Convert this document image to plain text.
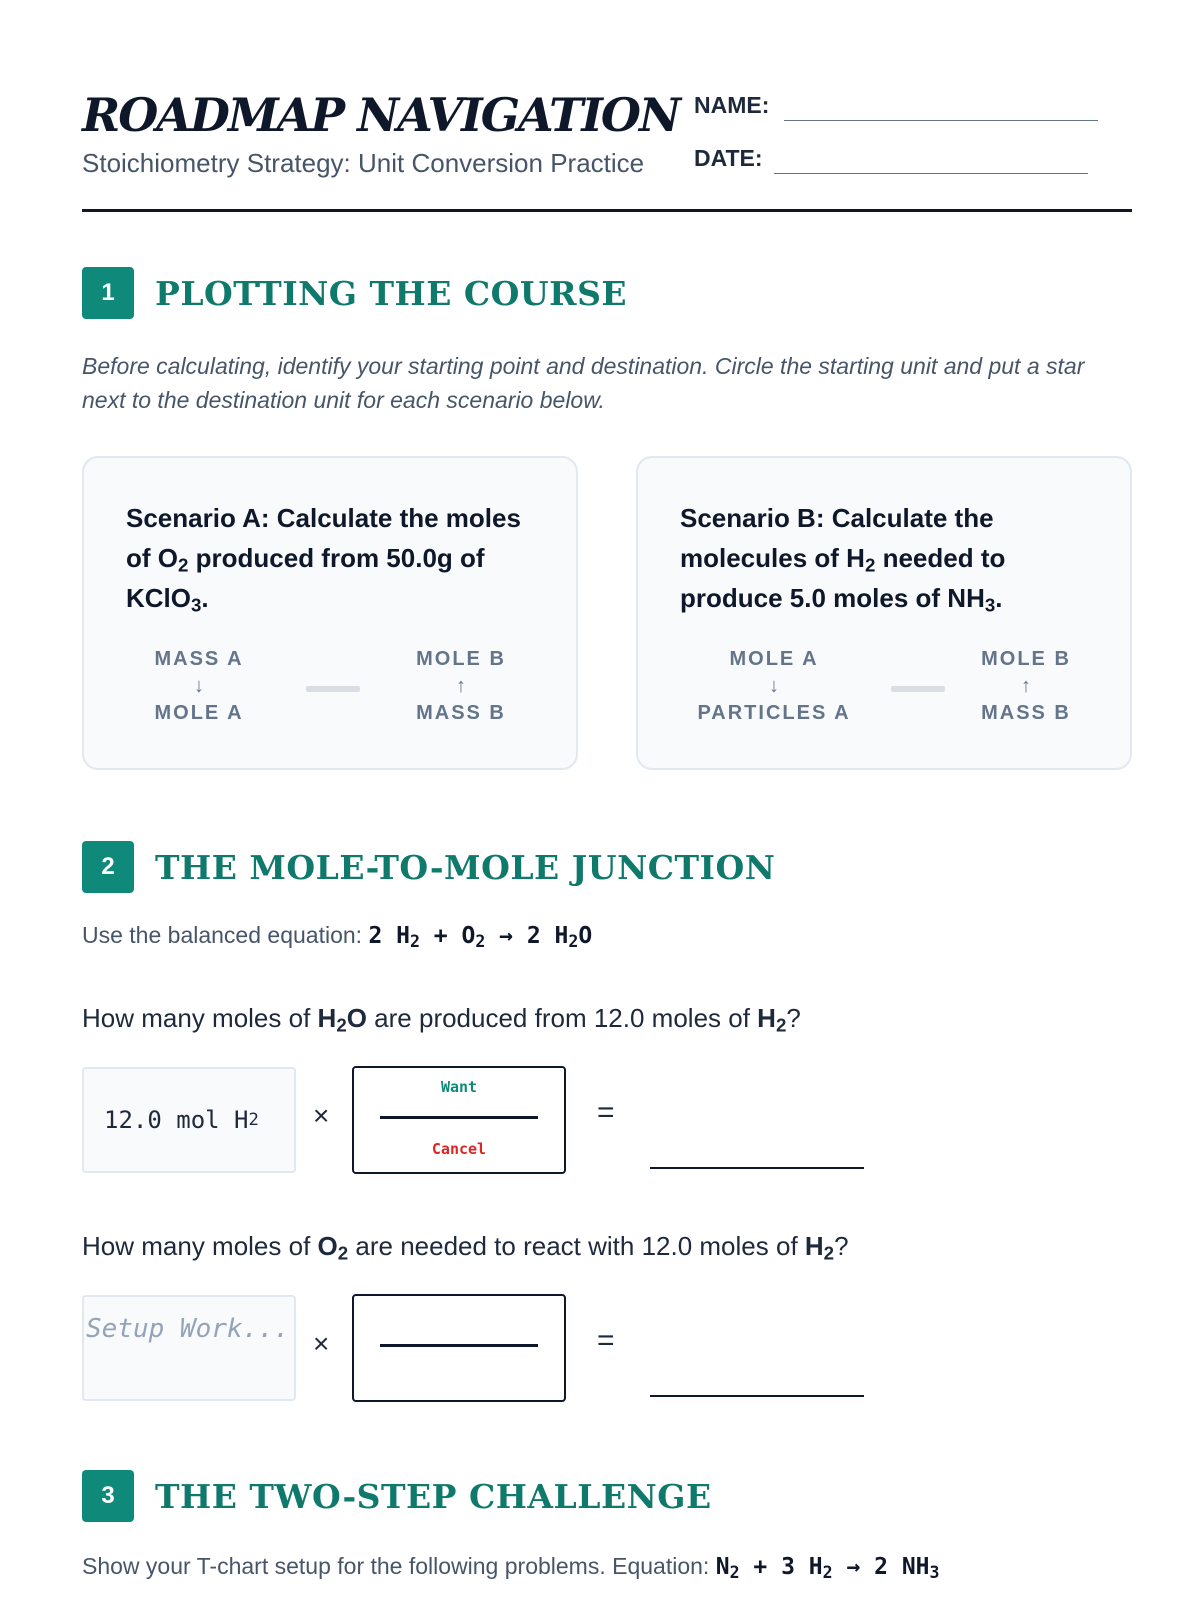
ROADMAP NAVIGATION
Stoichiometry Strategy: Unit Conversion Practice
NAME:
DATE:
1	PLOTTING THE COURSE
Before calculating, identify your starting point and destination. Circle the starting unit and put a star next to the destination unit for each scenario below.
Scenario A: Calculate the moles of $O_2$ produced from 50.0g of KClO$_3$.
MASS A
↓
MOLE A
MOLE B
↑
MASS B
Scenario B: Calculate the molecules of $H_2$ needed to produce 5.0 moles of $NH_3$.
MOLE A
↓
PARTICLES A
MOLE B
↑
MASS B
2	THE MOLE-TO-MOLE JUNCTION
Use the balanced equation: 2 $H_2 + O_2 \to 2$ $H_2O$
How many moles of $H_2O$ are produced from 12.0 moles of $H_2$?
12.0 mol H 2 ×
Want
Cancel
=
How many moles of $O_2$ are needed to react with 12.0 moles of $H_2$?
Setup Work... ×	=
3	THE TWO-STEP CHALLENGE
Show your T-chart setup for the following problems. Equation: $N_2 + 3$ $H_2 \to 2$ $NH_3$
